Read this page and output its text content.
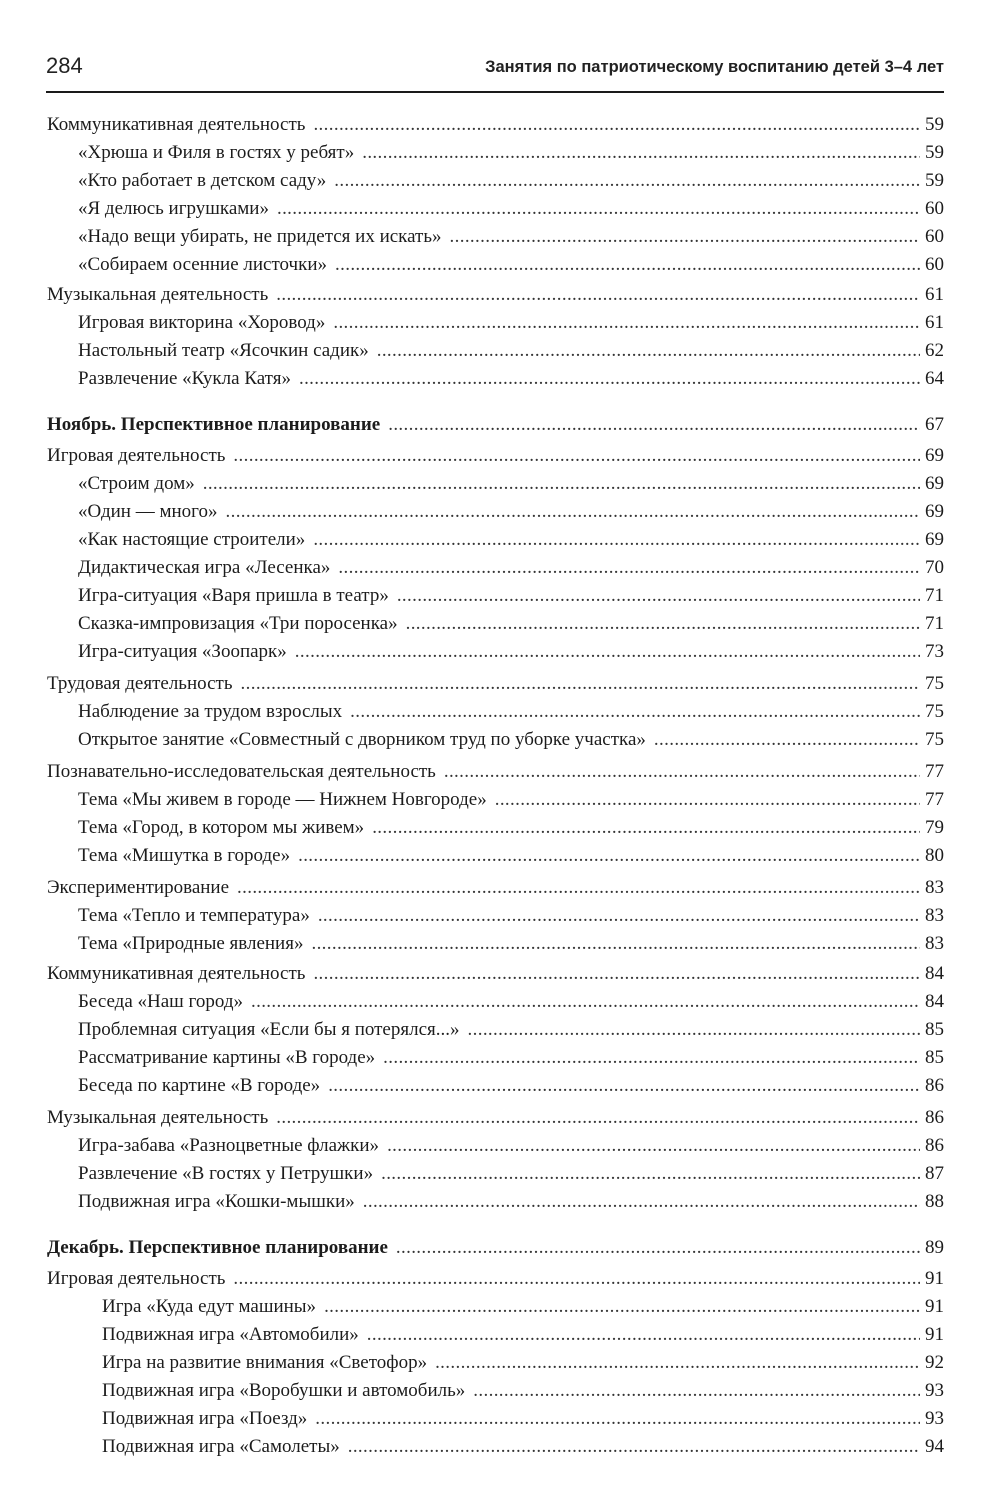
284	Занятия по патриотическому воспитанию детей 3–4 лет
Коммуникативная деятельность . . .	59
«Хрюша и Филя в гостях у ребят» . . .	59
«Кто работает в детском саду» . . .	59
«Я делюсь игрушками» . . .	60
«Надо вещи убирать, не придется их искать» . . .	60
«Собираем осенние листочки» . . .	60
Музыкальная деятельность . . .	61
Игровая викторина «Хоровод» . . .	61
Настольный театр «Ясочкин садик» . . .	62
Развлечение «Кукла Катя» . . .	64
Ноябрь. Перспективное планирование . . .	67
Игровая деятельность . . .	69
«Строим дом» . . .	69
«Один — много» . . .	69
«Как настоящие строители» . . .	69
Дидактическая игра «Лесенка» . . .	70
Игра-ситуация «Варя пришла в театр» . . .	71
Сказка-импровизация «Три поросенка» . . .	71
Игра-ситуация «Зоопарк» . . .	73
Трудовая деятельность . . .	75
Наблюдение за трудом взрослых . . .	75
Открытое занятие «Совместный с дворником труд по уборке участка» . . .	75
Познавательно-исследовательская деятельность . . .	77
Тема «Мы живем в городе — Нижнем Новгороде» . . .	77
Тема «Город, в котором мы живем» . . .	79
Тема «Мишутка в городе» . . .	80
Экспериментирование . . .	83
Тема «Тепло и температура» . . .	83
Тема «Природные явления» . . .	83
Коммуникативная деятельность . . .	84
Беседа «Наш город» . . .	84
Проблемная ситуация «Если бы я потерялся...» . . .	85
Рассматривание картины «В городе» . . .	85
Беседа по картине «В городе» . . .	86
Музыкальная деятельность . . .	86
Игра-забава «Разноцветные флажки» . . .	86
Развлечение «В гостях у Петрушки» . . .	87
Подвижная игра «Кошки-мышки» . . .	88
Декабрь. Перспективное планирование . . .	89
Игровая деятельность . . .	91
Игра «Куда едут машины» . . .	91
Подвижная игра «Автомобили» . . .	91
Игра на развитие внимания «Светофор» . . .	92
Подвижная игра «Воробушки и автомобиль» . . .	93
Подвижная игра «Поезд» . . .	93
Подвижная игра «Самолеты» . . .	94
